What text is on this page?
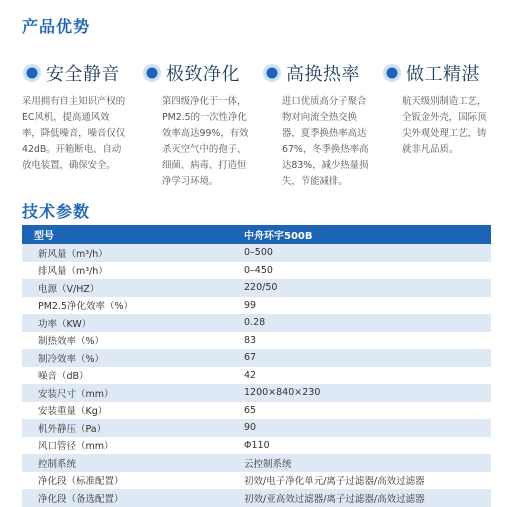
产品优势
安全静音
采用拥有自主知识产权的EC风机，提高通风效率，降低噪音，噪音仅仅42dB。开箱断电、自动放电装置，确保安全。
极致净化
第四级净化于一体，PM2.5的一次性净化效率高达99%，有效杀灭空气中的孢子、细菌、病毒、打造恒净学习环境。
高换热率
进口优质高分子聚合物对向流全热交换器，夏季换热率高达67%，冬季换热率高达83%，减少热量损失，节能减排。
做工精湛
航天级别制造工艺，全钣金外壳，国际顶尖外观处理工艺，铸就非凡品质。
技术参数
型号	中舟环宇500B
新风量（m³/h）	0–500
排风量（m³/h）	0–450
电源（V/HZ）	220/50
PM2.5净化效率（%）	99
功率（KW）	0.28
制热效率（%）	83
制冷效率（%）	67
噪音（dB）	42
安装尺寸（mm）	1200×840×230
安装重量（Kg）	65
机外静压（Pa）	90
风口管径（mm）	Φ110
控制系统	云控制系统
净化段（标准配置）	初效/电子净化单元/离子过滤器/高效过滤器
净化段（备选配置）	初效/亚高效过滤器/离子过滤器/高效过滤器
